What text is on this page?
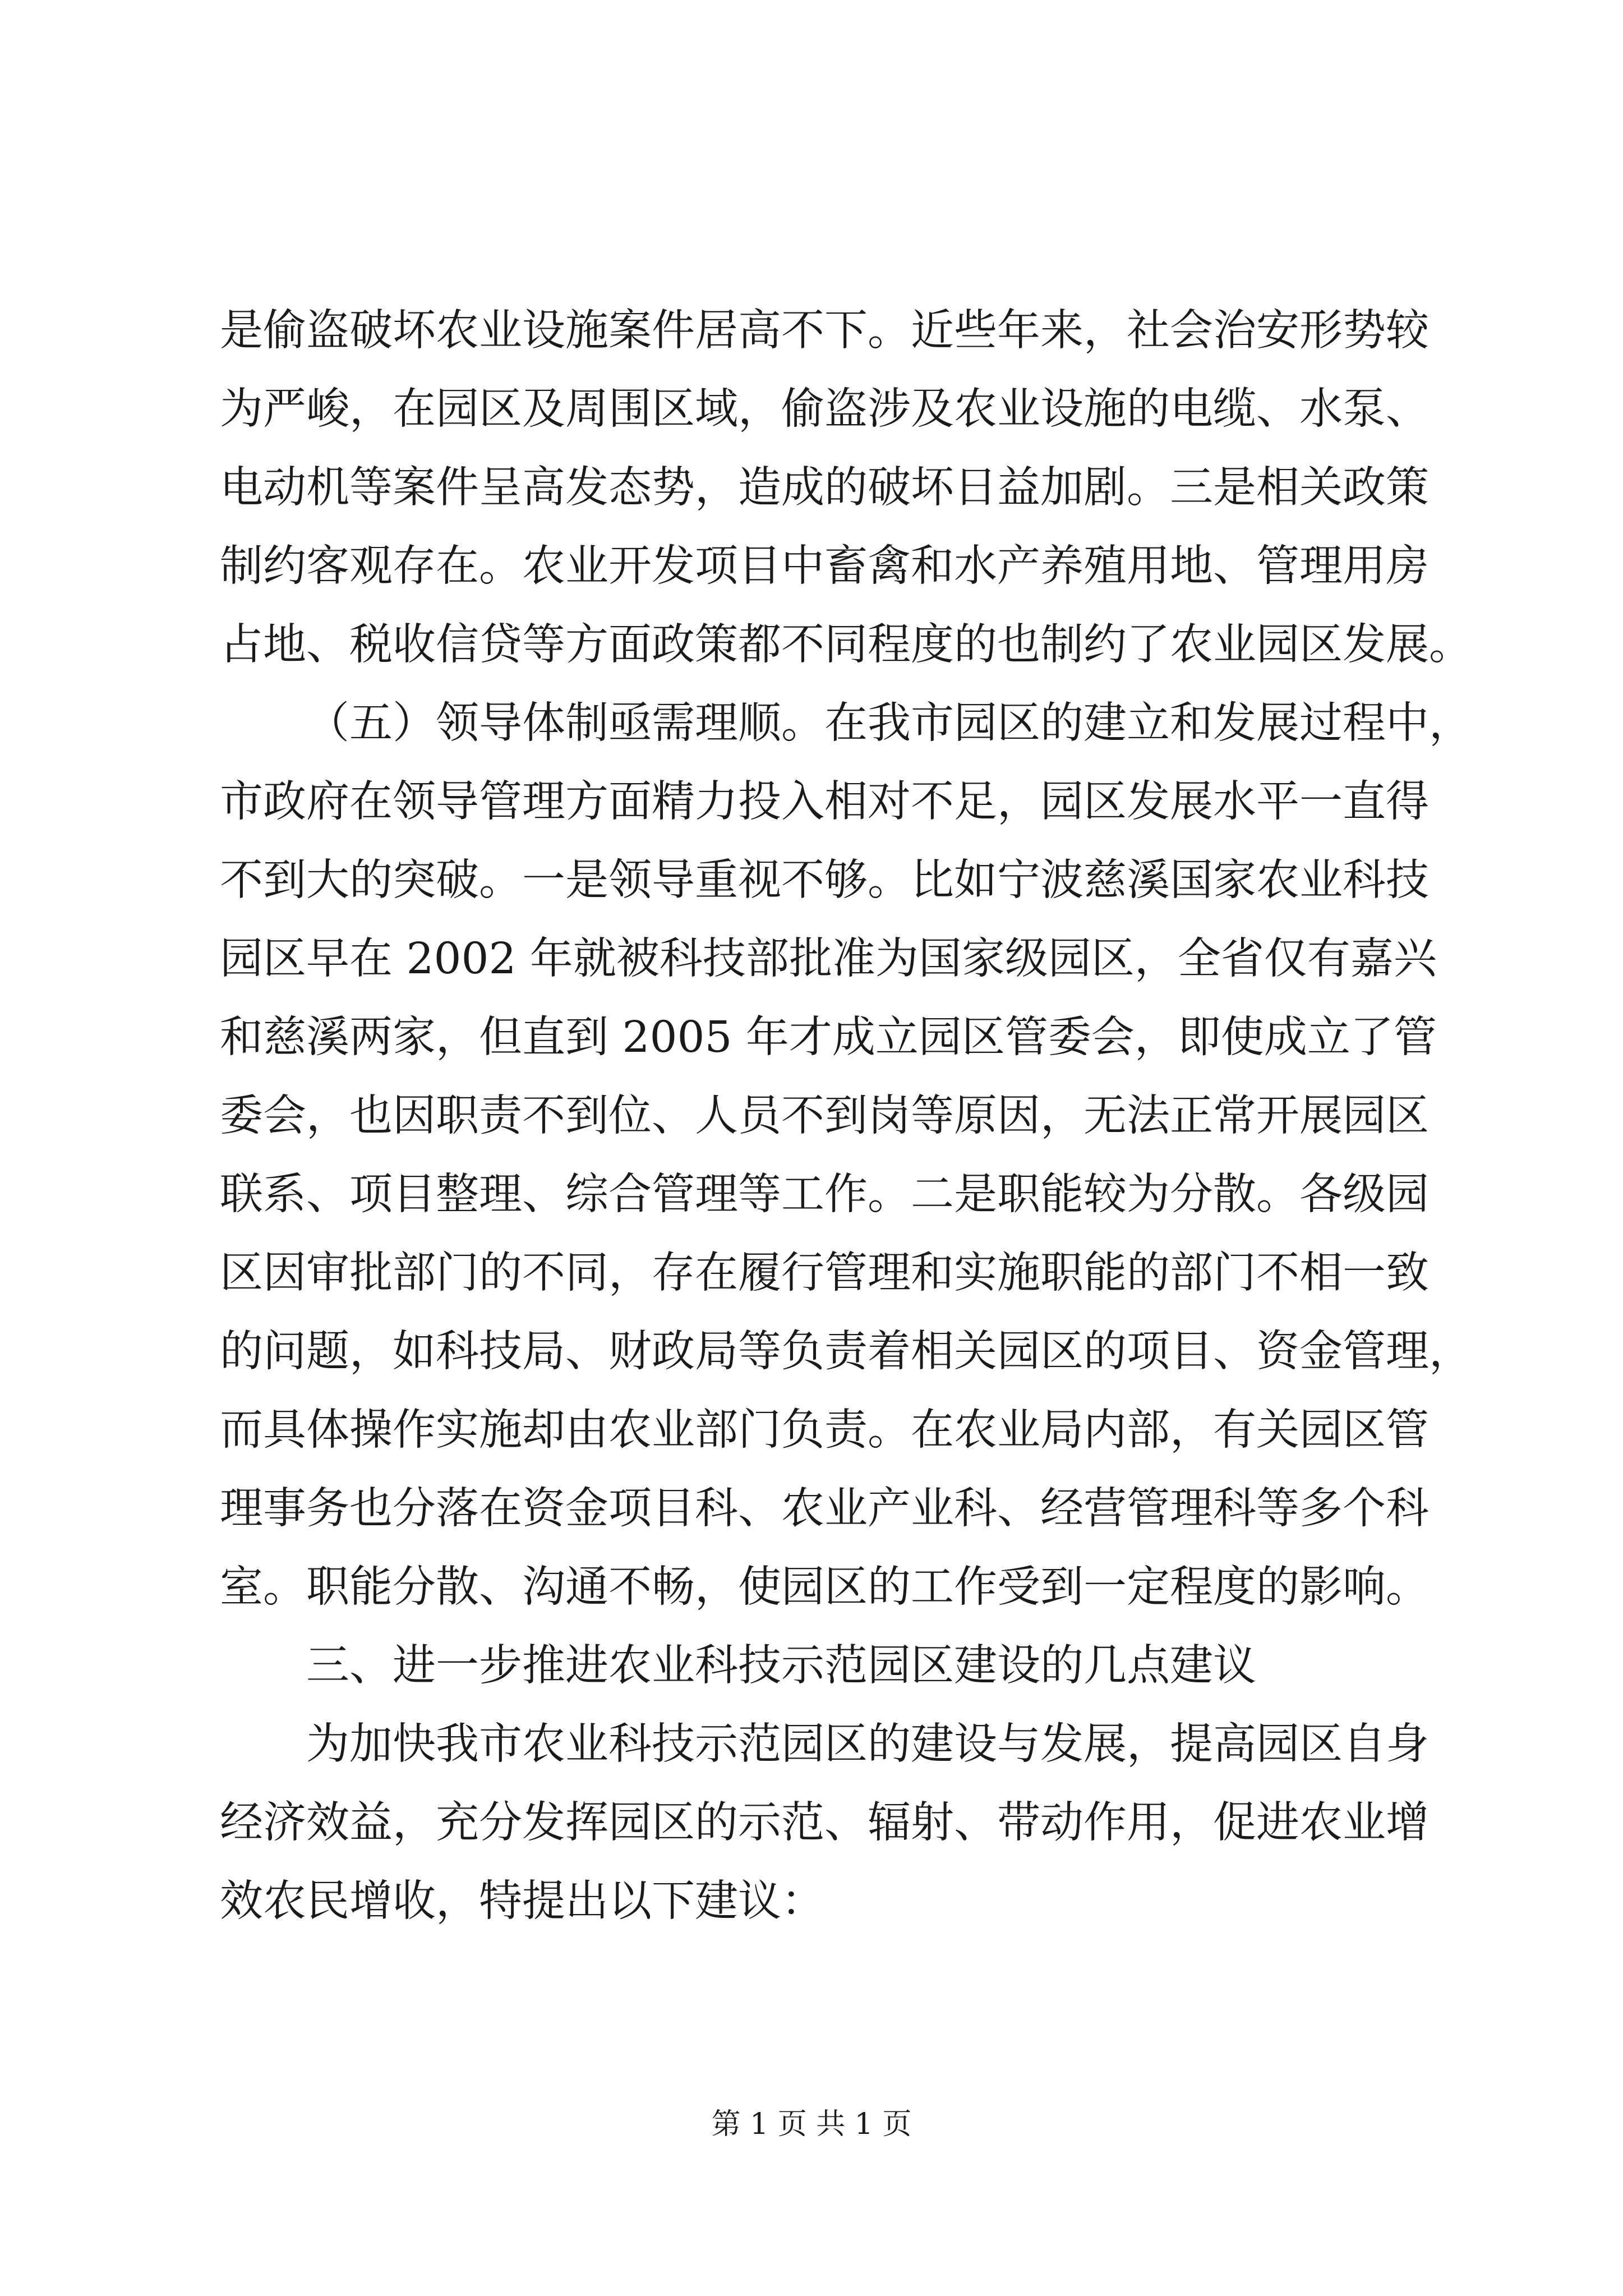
是偷盗破坏农业设施案件居高不下。近些年来，社会治安形势较
为严峻，在园区及周围区域，偷盗涉及农业设施的电缆、水泵、
电动机等案件呈高发态势，造成的破坏日益加剧。三是相关政策
制约客观存在。农业开发项目中畜禽和水产养殖用地、管理用房
占地、税收信贷等方面政策都不同程度的也制约了农业园区发展。
（五）领导体制亟需理顺。在我市园区的建立和发展过程中，
市政府在领导管理方面精力投入相对不足，园区发展水平一直得
不到大的突破。一是领导重视不够。比如宁波慈溪国家农业科技
园区早在 2002 年就被科技部批准为国家级园区，全省仅有嘉兴
和慈溪两家，但直到 2005 年才成立园区管委会，即使成立了管
委会，也因职责不到位、人员不到岗等原因，无法正常开展园区
联系、项目整理、综合管理等工作。二是职能较为分散。各级园
区因审批部门的不同，存在履行管理和实施职能的部门不相一致
的问题，如科技局、财政局等负责着相关园区的项目、资金管理，
而具体操作实施却由农业部门负责。在农业局内部，有关园区管
理事务也分落在资金项目科、农业产业科、经营管理科等多个科
室。职能分散、沟通不畅，使园区的工作受到一定程度的影响。
三、进一步推进农业科技示范园区建设的几点建议
为加快我市农业科技示范园区的建设与发展，提高园区自身
经济效益，充分发挥园区的示范、辐射、带动作用，促进农业增
效农民增收，特提出以下建议：
第 1 页 共 1 页
